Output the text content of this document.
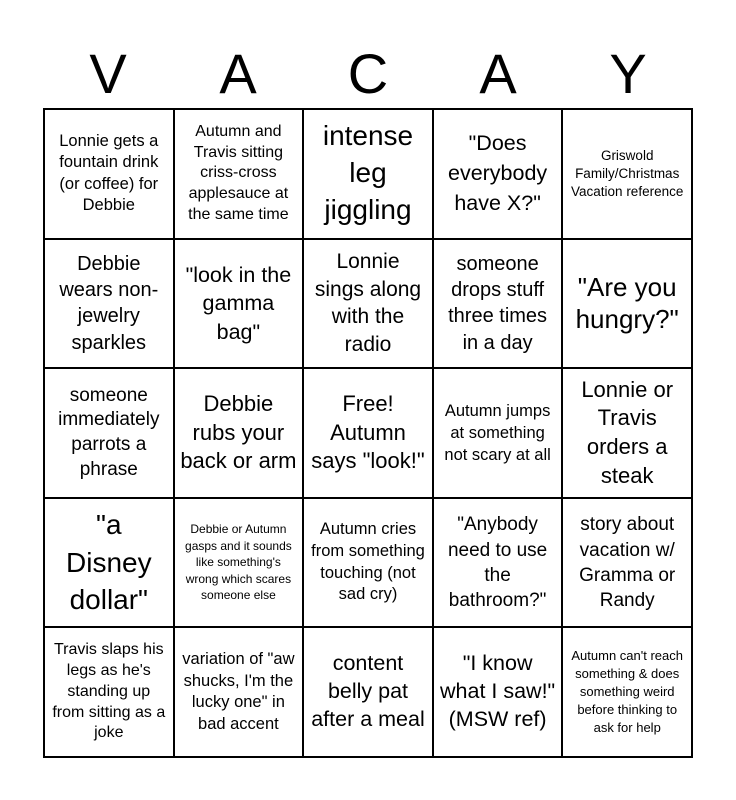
V	A	C	A	Y
Lonnie gets a fountain drink (or coffee) for Debbie
Autumn and Travis sitting criss-cross applesauce at the same time
intense leg jiggling
"Does everybody have X?"
Griswold Family/Christmas Vacation reference
Debbie wears non-jewelry sparkles
"look in the gamma bag"
Lonnie sings along with the radio
someone drops stuff three times in a day
"Are you hungry?"
someone immediately parrots a phrase
Debbie rubs your back or arm
Free! Autumn says "look!"
Autumn jumps at something not scary at all
Lonnie or Travis orders a steak
"a Disney dollar"
Debbie or Autumn gasps and it sounds like something's wrong which scares someone else
Autumn cries from something touching (not sad cry)
"Anybody need to use the bathroom?"
story about vacation w/ Gramma or Randy
Travis slaps his legs as he's standing up from sitting as a joke
variation of "aw shucks, I'm the lucky one" in bad accent
content belly pat after a meal
"I know what I saw!" (MSW ref)
Autumn can't reach something & does something weird before thinking to ask for help
